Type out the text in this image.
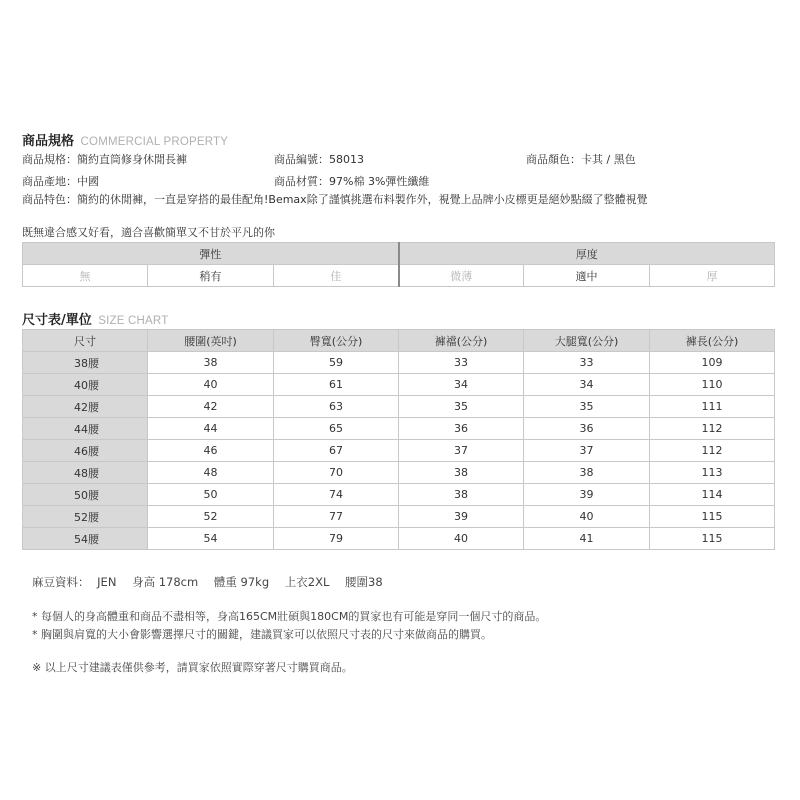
商品規格 COMMERCIAL PROPERTY
商品規格：簡約直筒修身休閒長褲	商品編號：58013	商品顏色：卡其 / 黑色
商品產地：中國	商品材質：97%棉 3%彈性纖維
商品特色：簡約的休閒褲，一直是穿搭的最佳配角!Bemax除了謹慎挑選布料製作外，視覺上品牌小皮標更是絕妙點綴了整體視覺
既無違合感又好看，適合喜歡簡單又不甘於平凡的你
彈性			厚度		
無	稍有	佳	微薄	適中	厚
尺寸表/單位 SIZE CHART
尺寸	腰圍(英吋)	臀寬(公分)	褲襠(公分)	大腿寬(公分)	褲長(公分)
38腰	38	59	33	33	109
40腰	40	61	34	34	110
42腰	42	63	35	35	111
44腰	44	65	36	36	112
46腰	46	67	37	37	112
48腰	48	70	38	38	113
50腰	50	74	38	39	114
52腰	52	77	39	40	115
54腰	54	79	40	41	115
麻豆資料： JEN 身高 178cm 體重 97kg 上衣2XL 腰圍38
* 每個人的身高體重和商品不盡相等，身高165CM壯碩與180CM的買家也有可能是穿同一個尺寸的商品。
* 胸圍與肩寬的大小會影響選擇尺寸的關鍵，建議買家可以依照尺寸表的尺寸來做商品的購買。
※ 以上尺寸建議表僅供參考，請買家依照實際穿著尺寸購買商品。
